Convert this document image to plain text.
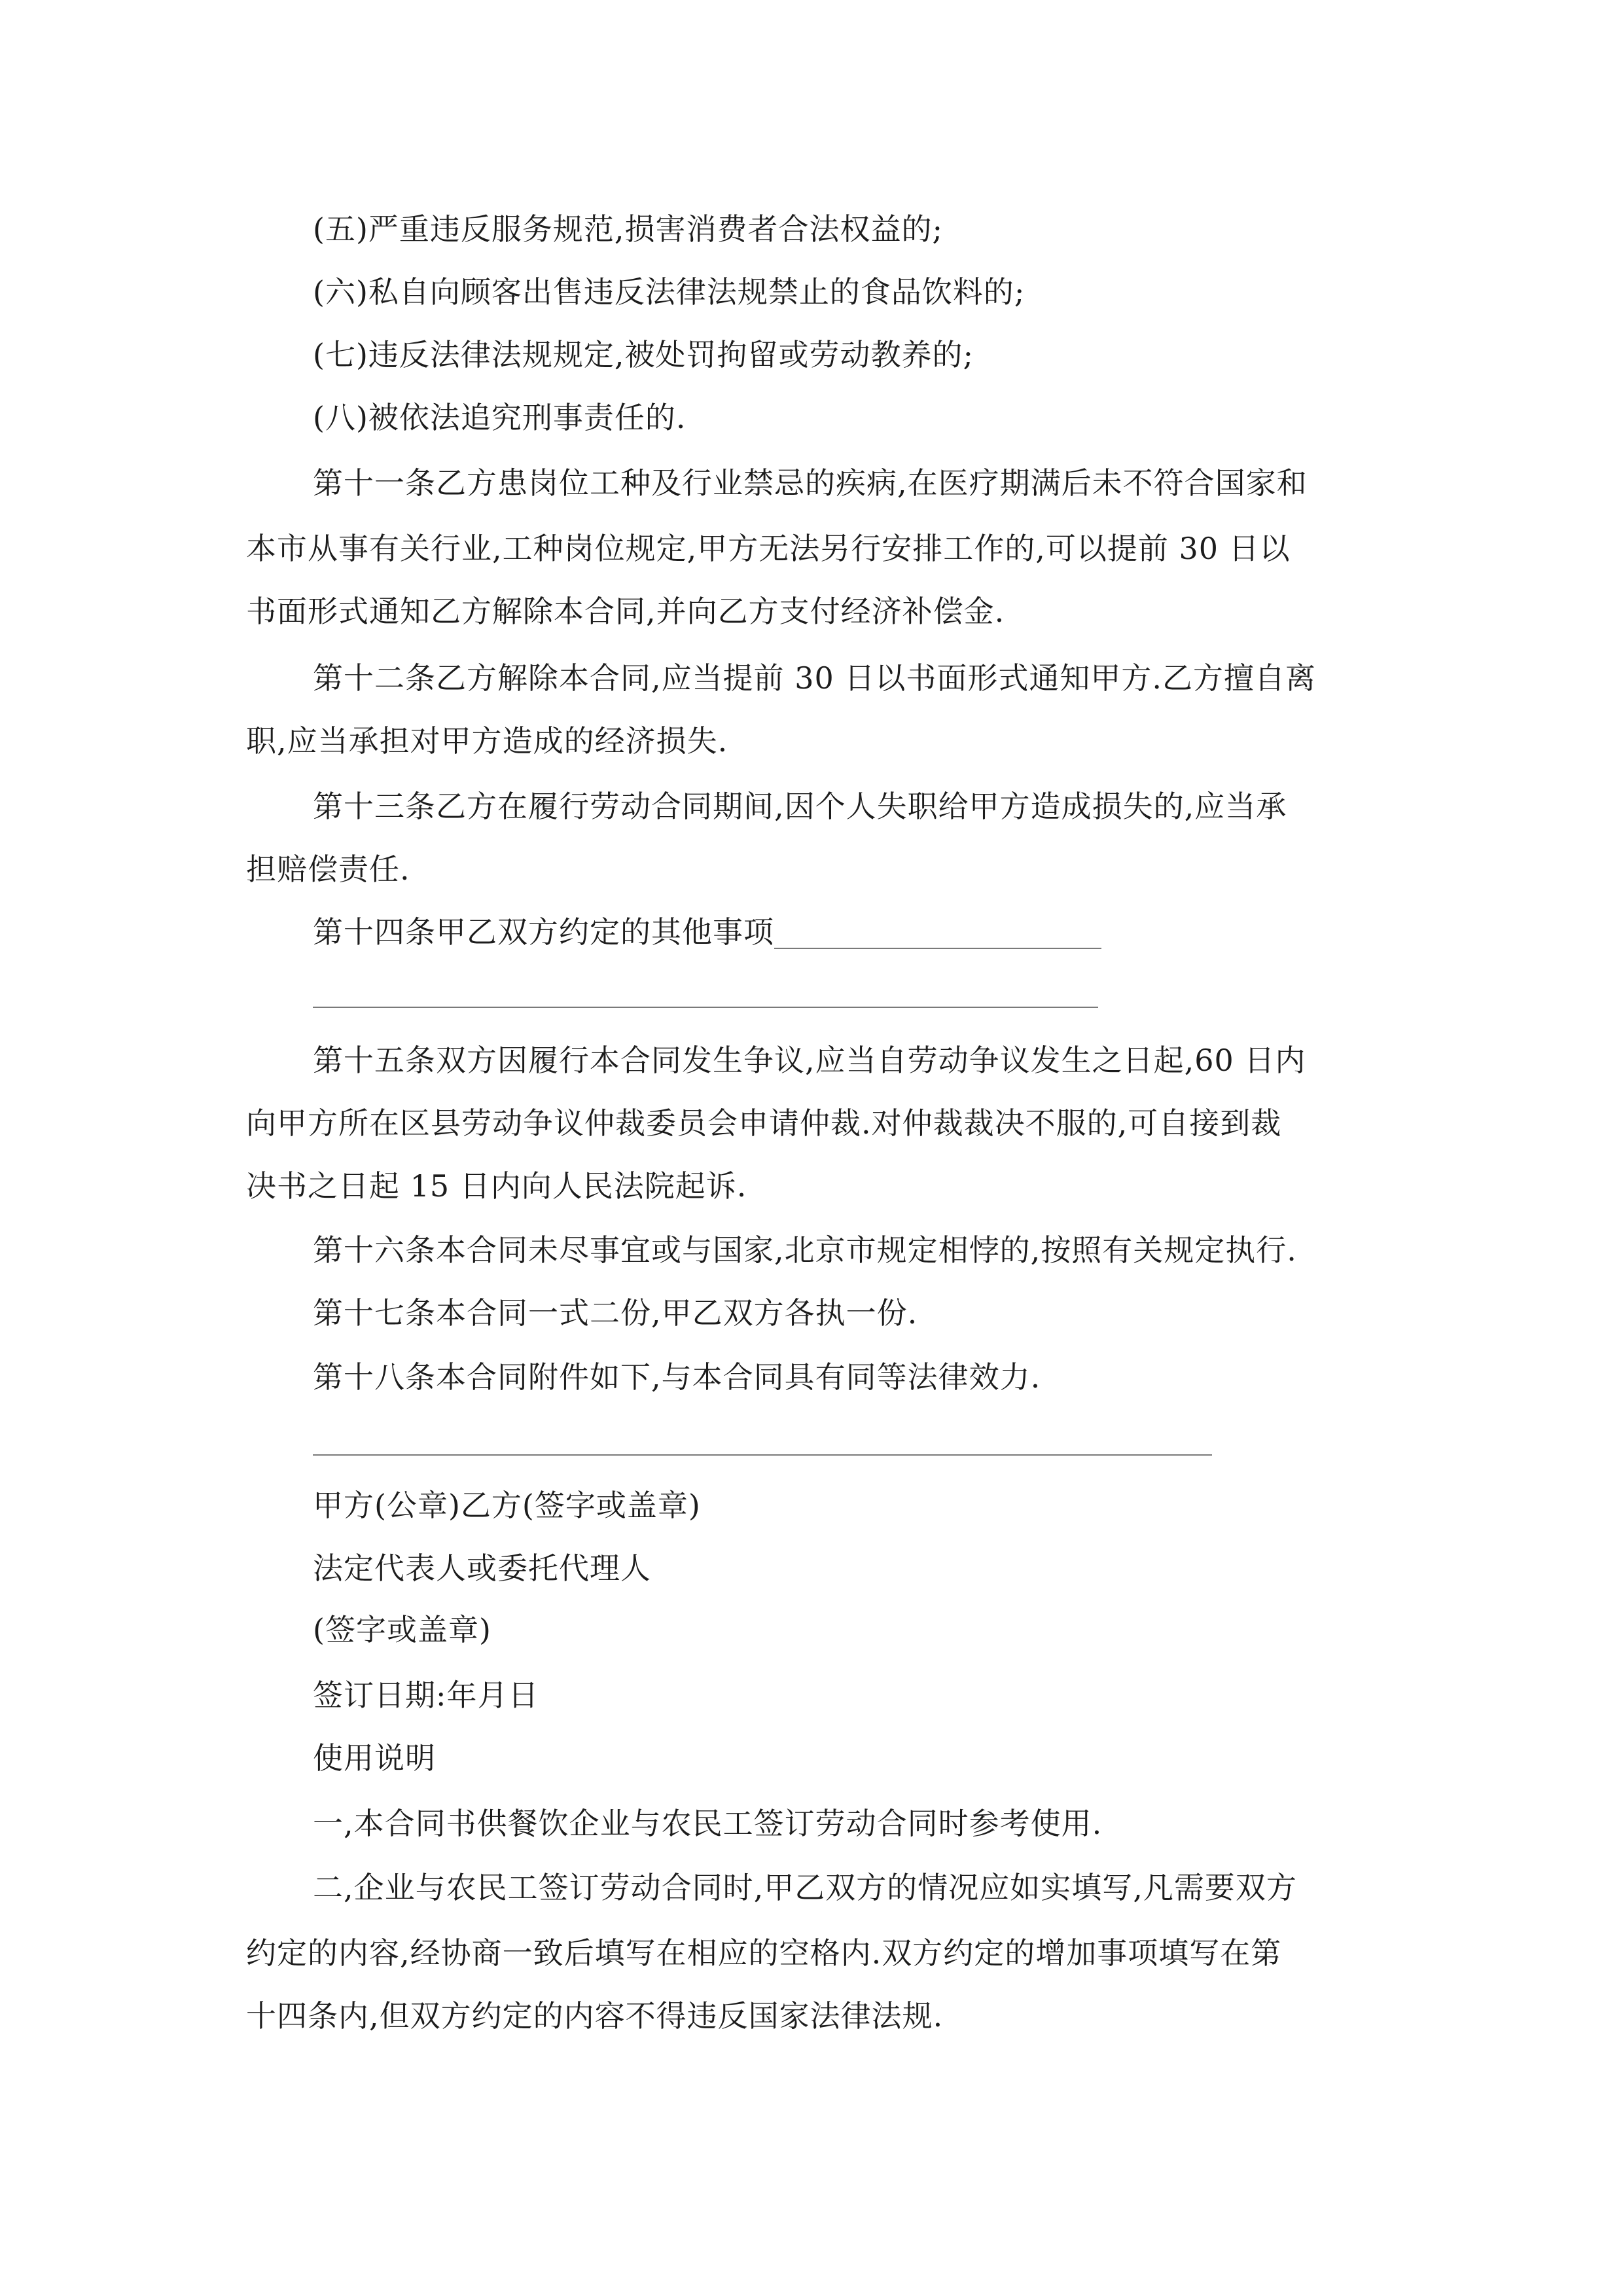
(五)严重违反服务规范,损害消费者合法权益的;

(六)私自向顾客出售违反法律法规禁止的食品饮料的;

(七)违反法律法规规定,被处罚拘留或劳动教养的;

(八)被依法追究刑事责任的.

第十一条乙方患岗位工种及行业禁忌的疾病,在医疗期满后未不符合国家和

本市从事有关行业,工种岗位规定,甲方无法另行安排工作的,可以提前 30 日以

书面形式通知乙方解除本合同,并向乙方支付经济补偿金.

第十二条乙方解除本合同,应当提前 30 日以书面形式通知甲方.乙方擅自离

职,应当承担对甲方造成的经济损失.

第十三条乙方在履行劳动合同期间,因个人失职给甲方造成损失的,应当承

担赔偿责任.

第十四条甲乙双方约定的其他事项

第十五条双方因履行本合同发生争议,应当自劳动争议发生之日起,60 日内

向甲方所在区县劳动争议仲裁委员会申请仲裁.对仲裁裁决不服的,可自接到裁

决书之日起 15 日内向人民法院起诉.

第十六条本合同未尽事宜或与国家,北京市规定相悖的,按照有关规定执行.

第十七条本合同一式二份,甲乙双方各执一份.

第十八条本合同附件如下,与本合同具有同等法律效力.

甲方(公章)乙方(签字或盖章)

法定代表人或委托代理人

(签字或盖章)

签订日期:年月日

使用说明

一,本合同书供餐饮企业与农民工签订劳动合同时参考使用.

二,企业与农民工签订劳动合同时,甲乙双方的情况应如实填写,凡需要双方

约定的内容,经协商一致后填写在相应的空格内.双方约定的增加事项填写在第

十四条内,但双方约定的内容不得违反国家法律法规.
